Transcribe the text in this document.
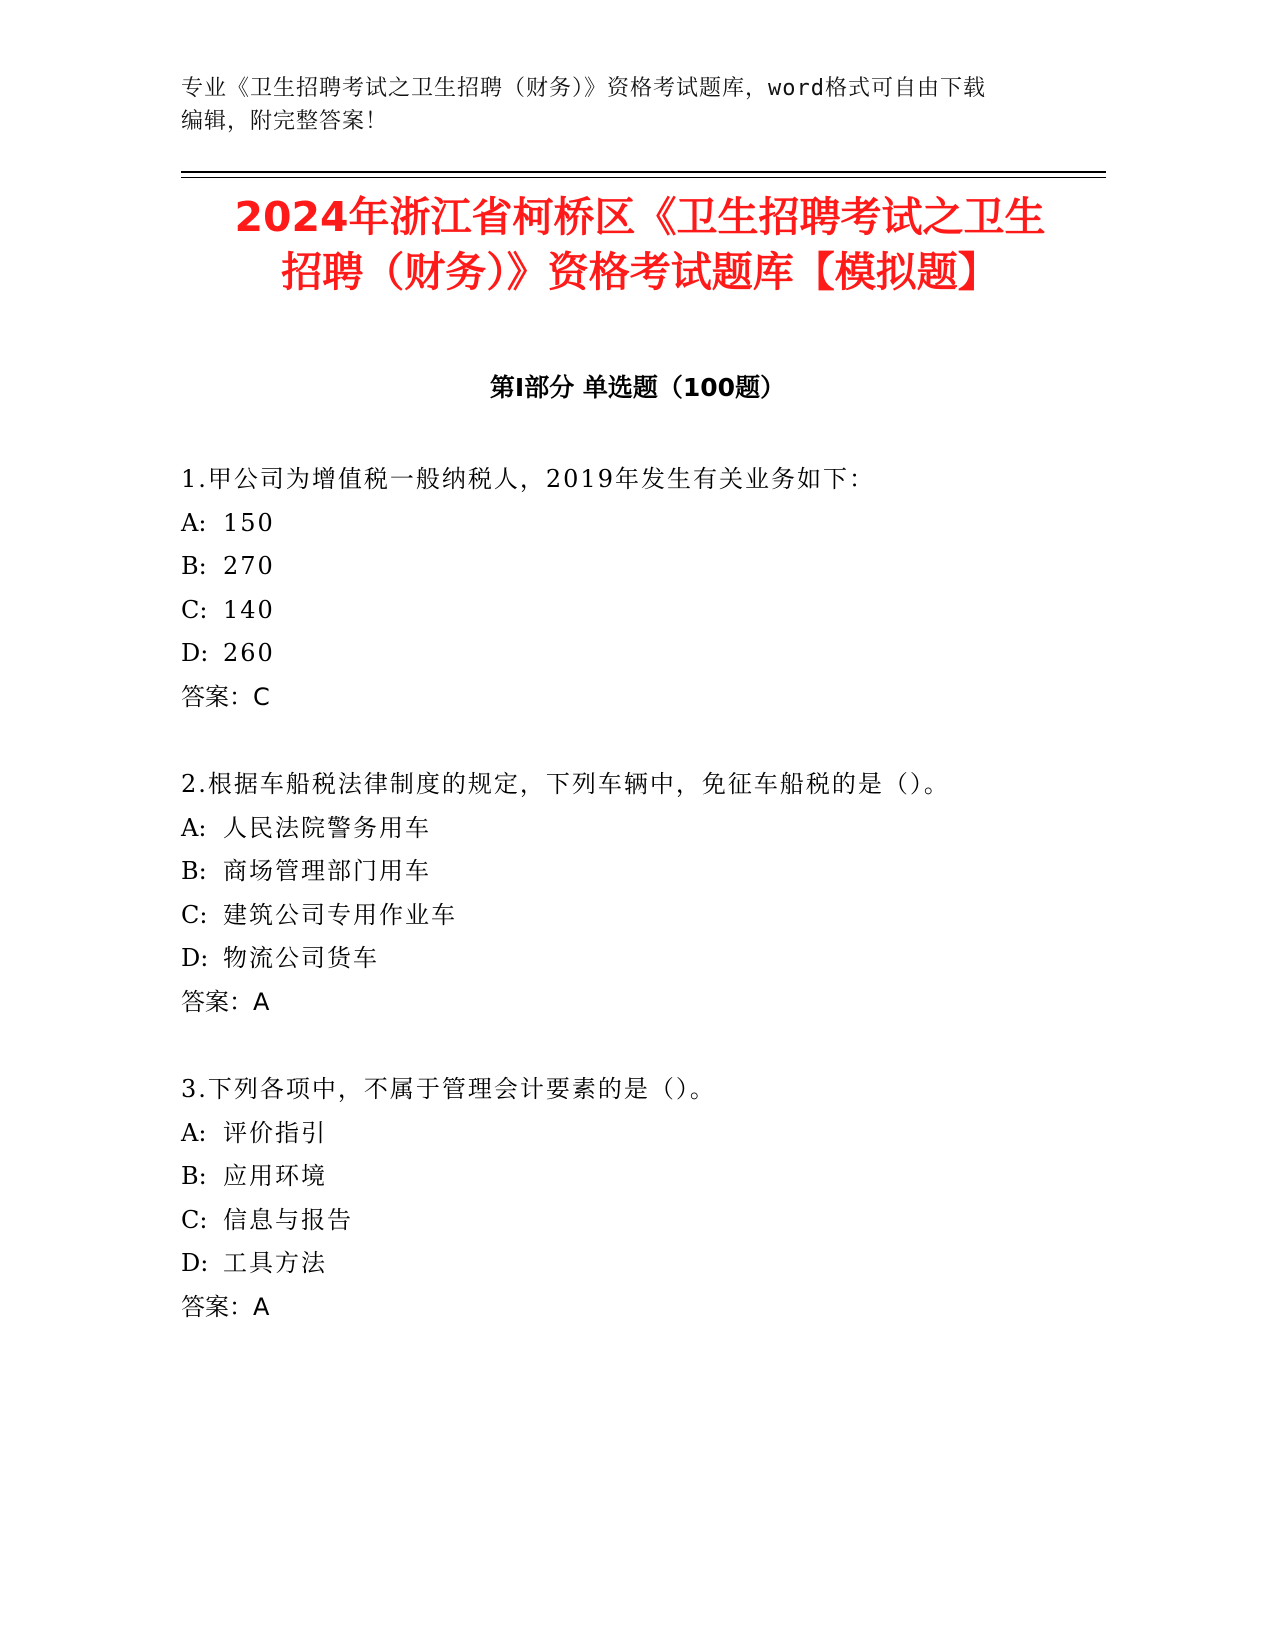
专业《卫生招聘考试之卫生招聘（财务）》资格考试题库，word格式可自由下载
编辑，附完整答案！
2024年浙江省柯桥区《卫生招聘考试之卫生
招聘（财务）》资格考试题库【模拟题】
第I部分 单选题（100题）
1.甲公司为增值税一般纳税人，2019年发生有关业务如下：
A: 150
B: 270
C: 140
D: 260
答案：C
2.根据车船税法律制度的规定，下列车辆中，免征车船税的是（）。
A: 人民法院警务用车
B: 商场管理部门用车
C: 建筑公司专用作业车
D: 物流公司货车
答案：A
3.下列各项中，不属于管理会计要素的是（）。
A: 评价指引
B: 应用环境
C: 信息与报告
D: 工具方法
答案：A
